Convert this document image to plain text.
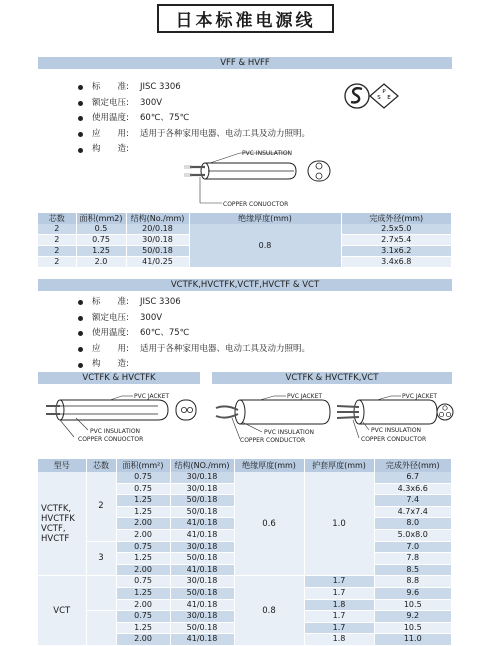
日本标准电源线
VFF & HVFF
标　　准:	JISC 3306
额定电压:	300V
使用温度:	60℃、75℃
应　　用:	适用于各种家用电器、电动工具及动力照明。
构　　造:
P
S E
PVC INSULATION
COPPER CONUOCTOR
芯数	面积(mm2)	结构(No./mm)	绝缘厚度(mm)	完成外径(mm)
2	0.5	20/0.18	0.8	2.5x5.0
2	0.75	30/0.18		2.7x5.4
2	1.25	50/0.18		3.1x6.2
2	2.0	41/0.25		3.4x6.8
VCTFK,HVCTFK,VCTF,HVCTF & VCT
标　　准:	JISC 3306
额定电压:	300V
使用温度:	60℃、75℃
应　　用:	适用于各种家用电器、电动工具及动力照明。
构　　造:
VCTFK & HVCTFK	VCTFK & HVCTFK,VCT
PVC JACKET
PVC INSULATION
COPPER CONUOCTOR
PVC JACKET
PVC INSULATION
COPPER CONDUCTOR
PVC JACKET
PVC INSULATION
COPPER CONDUCTOR
型号	芯数	面积(mm²)	结构(NO./mm)	绝缘厚度(mm)	护套厚度(mm)	完成外径(mm)
VCTFK,
HVCTFK
VCTF,
HVCTF	2	0.75	30/0.18	0.6	1.0	6.7
		0.75	30/0.18			4.3x6.6
		1.25	50/0.18			7.4
		1.25	50/0.18			4.7x7.4
		2.00	41/0.18			8.0
		2.00	41/0.18			5.0x8.0
	3	0.75	30/0.18			7.0
		1.25	50/0.18			7.8
		2.00	41/0.18			8.5
VCT		0.75	30/0.18	0.8	1.7	8.8
		1.25	50/0.18		1.7	9.6
		2.00	41/0.18		1.8	10.5
		0.75	30/0.18		1.7	9.2
		1.25	50/0.18		1.7	10.5
		2.00	41/0.18		1.8	11.0
